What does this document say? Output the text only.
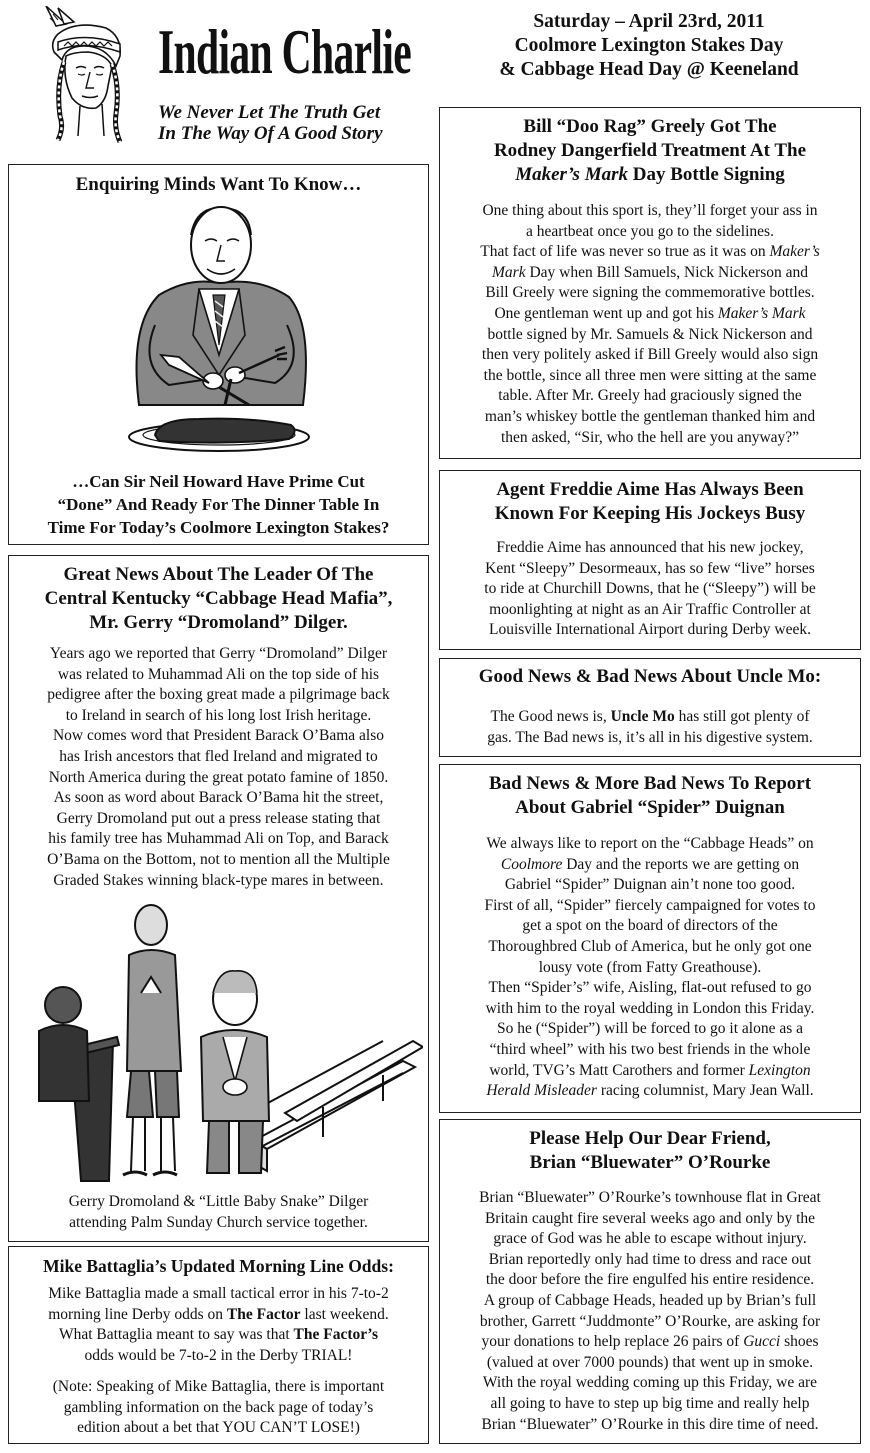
Indian Charlie
We Never Let The Truth Get
In The Way Of A Good Story
Saturday – April 23rd, 2011
Coolmore Lexington Stakes Day
& Cabbage Head Day @ Keeneland
Enquiring Minds Want To Know…
…Can Sir Neil Howard Have Prime Cut
“Done” And Ready For The Dinner Table In
Time For Today’s Coolmore Lexington Stakes?
Great News About The Leader Of The
Central Kentucky “Cabbage Head Mafia”,
Mr. Gerry “Dromoland” Dilger.

Years ago we reported that Gerry “Dromoland” Dilger

was related to Muhammad Ali on the top side of his

pedigree after the boxing great made a pilgrimage back

to Ireland in search of his long lost Irish heritage.

Now comes word that President Barack O’Bama also

has Irish ancestors that fled Ireland and migrated to

North America during the great potato famine of 1850.

As soon as word about Barack O’Bama hit the street,

Gerry Dromoland put out a press release stating that

his family tree has Muhammad Ali on Top, and Barack

O’Bama on the Bottom, not to mention all the Multiple

Graded Stakes winning black-type mares in between.

Gerry Dromoland & “Little Baby Snake” Dilger
attending Palm Sunday Church service together.
Mike Battaglia’s Updated Morning Line Odds:

Mike Battaglia made a small tactical error in his 7-to-2

morning line Derby odds on The Factor last weekend.

What Battaglia meant to say was that The Factor’s

odds would be 7-to-2 in the Derby TRIAL!

(Note: Speaking of Mike Battaglia, there is important

gambling information on the back page of today’s

edition about a bet that YOU CAN’T LOSE!)

Bill “Doo Rag” Greely Got The
Rodney Dangerfield Treatment At The
Maker’s Mark Day Bottle Signing

One thing about this sport is, they’ll forget your ass in

a heartbeat once you go to the sidelines.

That fact of life was never so true as it was on Maker’s

Mark Day when Bill Samuels, Nick Nickerson and

Bill Greely were signing the commemorative bottles.

One gentleman went up and got his Maker’s Mark

bottle signed by Mr. Samuels & Nick Nickerson and

then very politely asked if Bill Greely would also sign

the bottle, since all three men were sitting at the same

table. After Mr. Greely had graciously signed the

man’s whiskey bottle the gentleman thanked him and

then asked, “Sir, who the hell are you anyway?”

Agent Freddie Aime Has Always Been
Known For Keeping His Jockeys Busy

Freddie Aime has announced that his new jockey,

Kent “Sleepy” Desormeaux, has so few “live” horses

to ride at Churchill Downs, that he (“Sleepy”) will be

moonlighting at night as an Air Traffic Controller at

Louisville International Airport during Derby week.

Good News & Bad News About Uncle Mo:

The Good news is, Uncle Mo has still got plenty of

gas. The Bad news is, it’s all in his digestive system.

Bad News & More Bad News To Report
About Gabriel “Spider” Duignan

We always like to report on the “Cabbage Heads” on

Coolmore Day and the reports we are getting on

Gabriel “Spider” Duignan ain’t none too good.

First of all, “Spider” fiercely campaigned for votes to

get a spot on the board of directors of the

Thoroughbred Club of America, but he only got one

lousy vote (from Fatty Greathouse).

Then “Spider’s” wife, Aisling, flat-out refused to go

with him to the royal wedding in London this Friday.

So he (“Spider”) will be forced to go it alone as a

“third wheel” with his two best friends in the whole

world, TVG’s Matt Carothers and former Lexington

Herald Misleader racing columnist, Mary Jean Wall.

Please Help Our Dear Friend,
Brian “Bluewater” O’Rourke

Brian “Bluewater” O’Rourke’s townhouse flat in Great

Britain caught fire several weeks ago and only by the

grace of God was he able to escape without injury.

Brian reportedly only had time to dress and race out

the door before the fire engulfed his entire residence.

A group of Cabbage Heads, headed up by Brian’s full

brother, Garrett “Juddmonte” O’Rourke, are asking for

your donations to help replace 26 pairs of Gucci shoes

(valued at over 7000 pounds) that went up in smoke.

With the royal wedding coming up this Friday, we are

all going to have to step up big time and really help

Brian “Bluewater” O’Rourke in this dire time of need.
